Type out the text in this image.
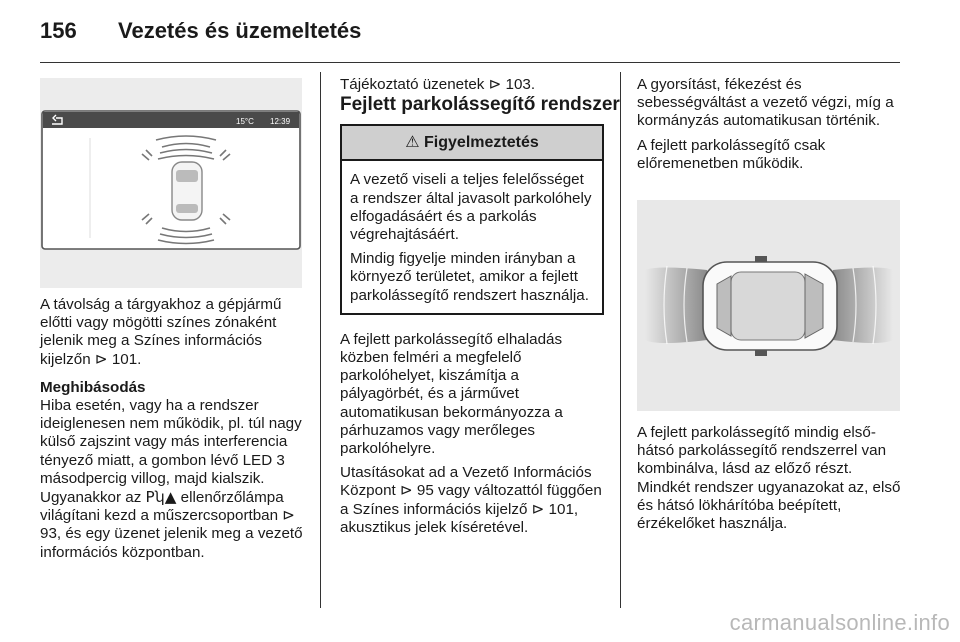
156 Vezetés és üzemeltetés
15°C 12:39

A távolság a tárgyakhoz a gépjármű előtti vagy mögötti színes zónaként jelenik meg a Színes információs kijelzőn ⊳ 101.

Meghibásodás

Hiba esetén, vagy ha a rendszer ideiglenesen nem működik, pl. túl nagy külső zajszint vagy más interferencia tényező miatt, a gombon lévő LED 3 másodpercig villog, majd kialszik. Ugyanakkor az Pʮ▲ ellenőrzőlámpa világítani kezd a műszercsoportban ⊳ 93, és egy üzenet jelenik meg a vezető információs központban.

Tájékoztató üzenetek ⊳ 103.

Fejlett parkolássegítő rendszer

⚠ Figyelmeztetés

A vezető viseli a teljes felelősséget a rendszer által javasolt parkolóhely elfogadásáért és a parkolás végrehajtásáért.

Mindig figyelje minden irányban a környező területet, amikor a fejlett parkolássegítő rendszert használja.

A fejlett parkolássegítő elhaladás közben felméri a megfelelő parkolóhelyet, kiszámítja a pályagörbét, és a járművet automatikusan bekormányozza a párhuzamos vagy merőleges parkolóhelyre.

Utasításokat ad a Vezető Információs Központ ⊳ 95 vagy változattól függően a Színes információs kijelző ⊳ 101, akusztikus jelek kíséretével.

A gyorsítást, fékezést és sebességváltást a vezető végzi, míg a kormányzás automatikusan történik.

A fejlett parkolássegítő csak előremenetben működik.

A fejlett parkolássegítő mindig első-hátsó parkolássegítő rendszerrel van kombinálva, lásd az előző részt. Mindkét rendszer ugyanazokat az, első és hátsó lökhárítóba beépített, érzékelőket használja.

carmanualsonline.info
